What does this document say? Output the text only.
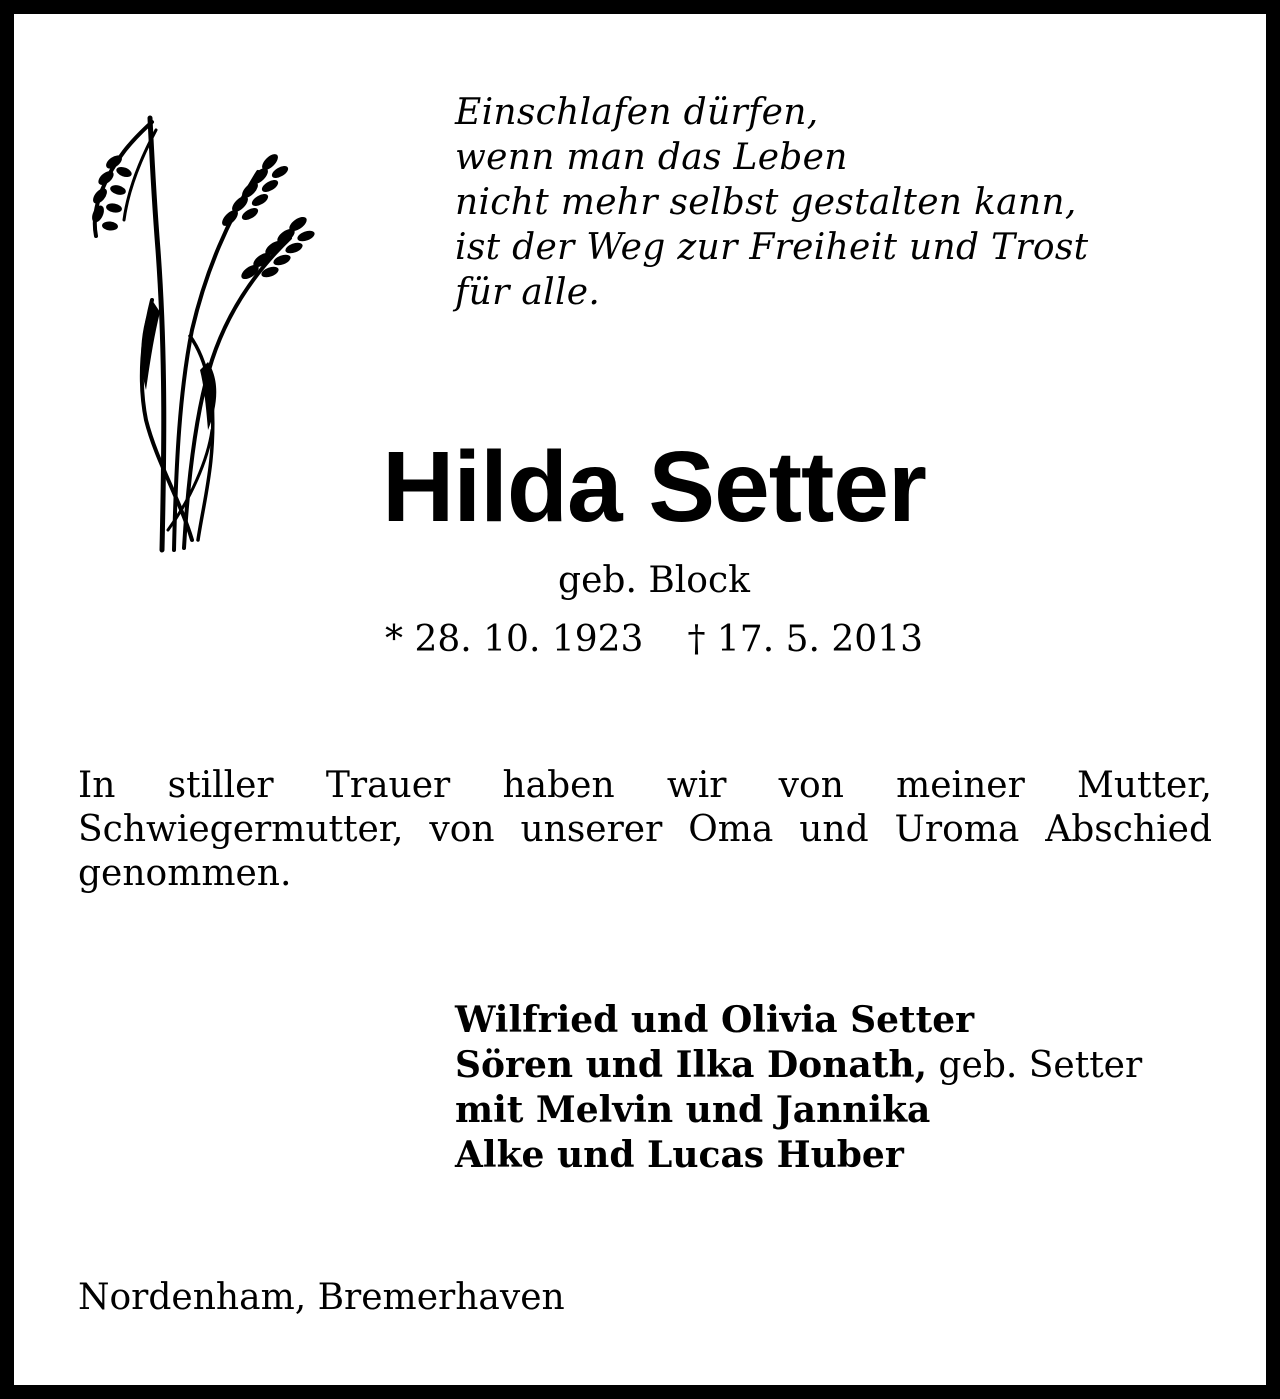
Einschlafen dürfen,
wenn man das Leben
nicht mehr selbst gestalten kann,
ist der Weg zur Freiheit und Trost
für alle.
Hilda Setter
geb. Block
* 28. 10. 1923 † 17. 5. 2013
In stiller Trauer haben wir von meiner Mutter, Schwiegermutter, von unserer Oma und Uroma Abschied genommen.
Wilfried und Olivia Setter
Sören und Ilka Donath, geb. Setter
mit Melvin und Jannika
Alke und Lucas Huber
Nordenham, Bremerhaven
